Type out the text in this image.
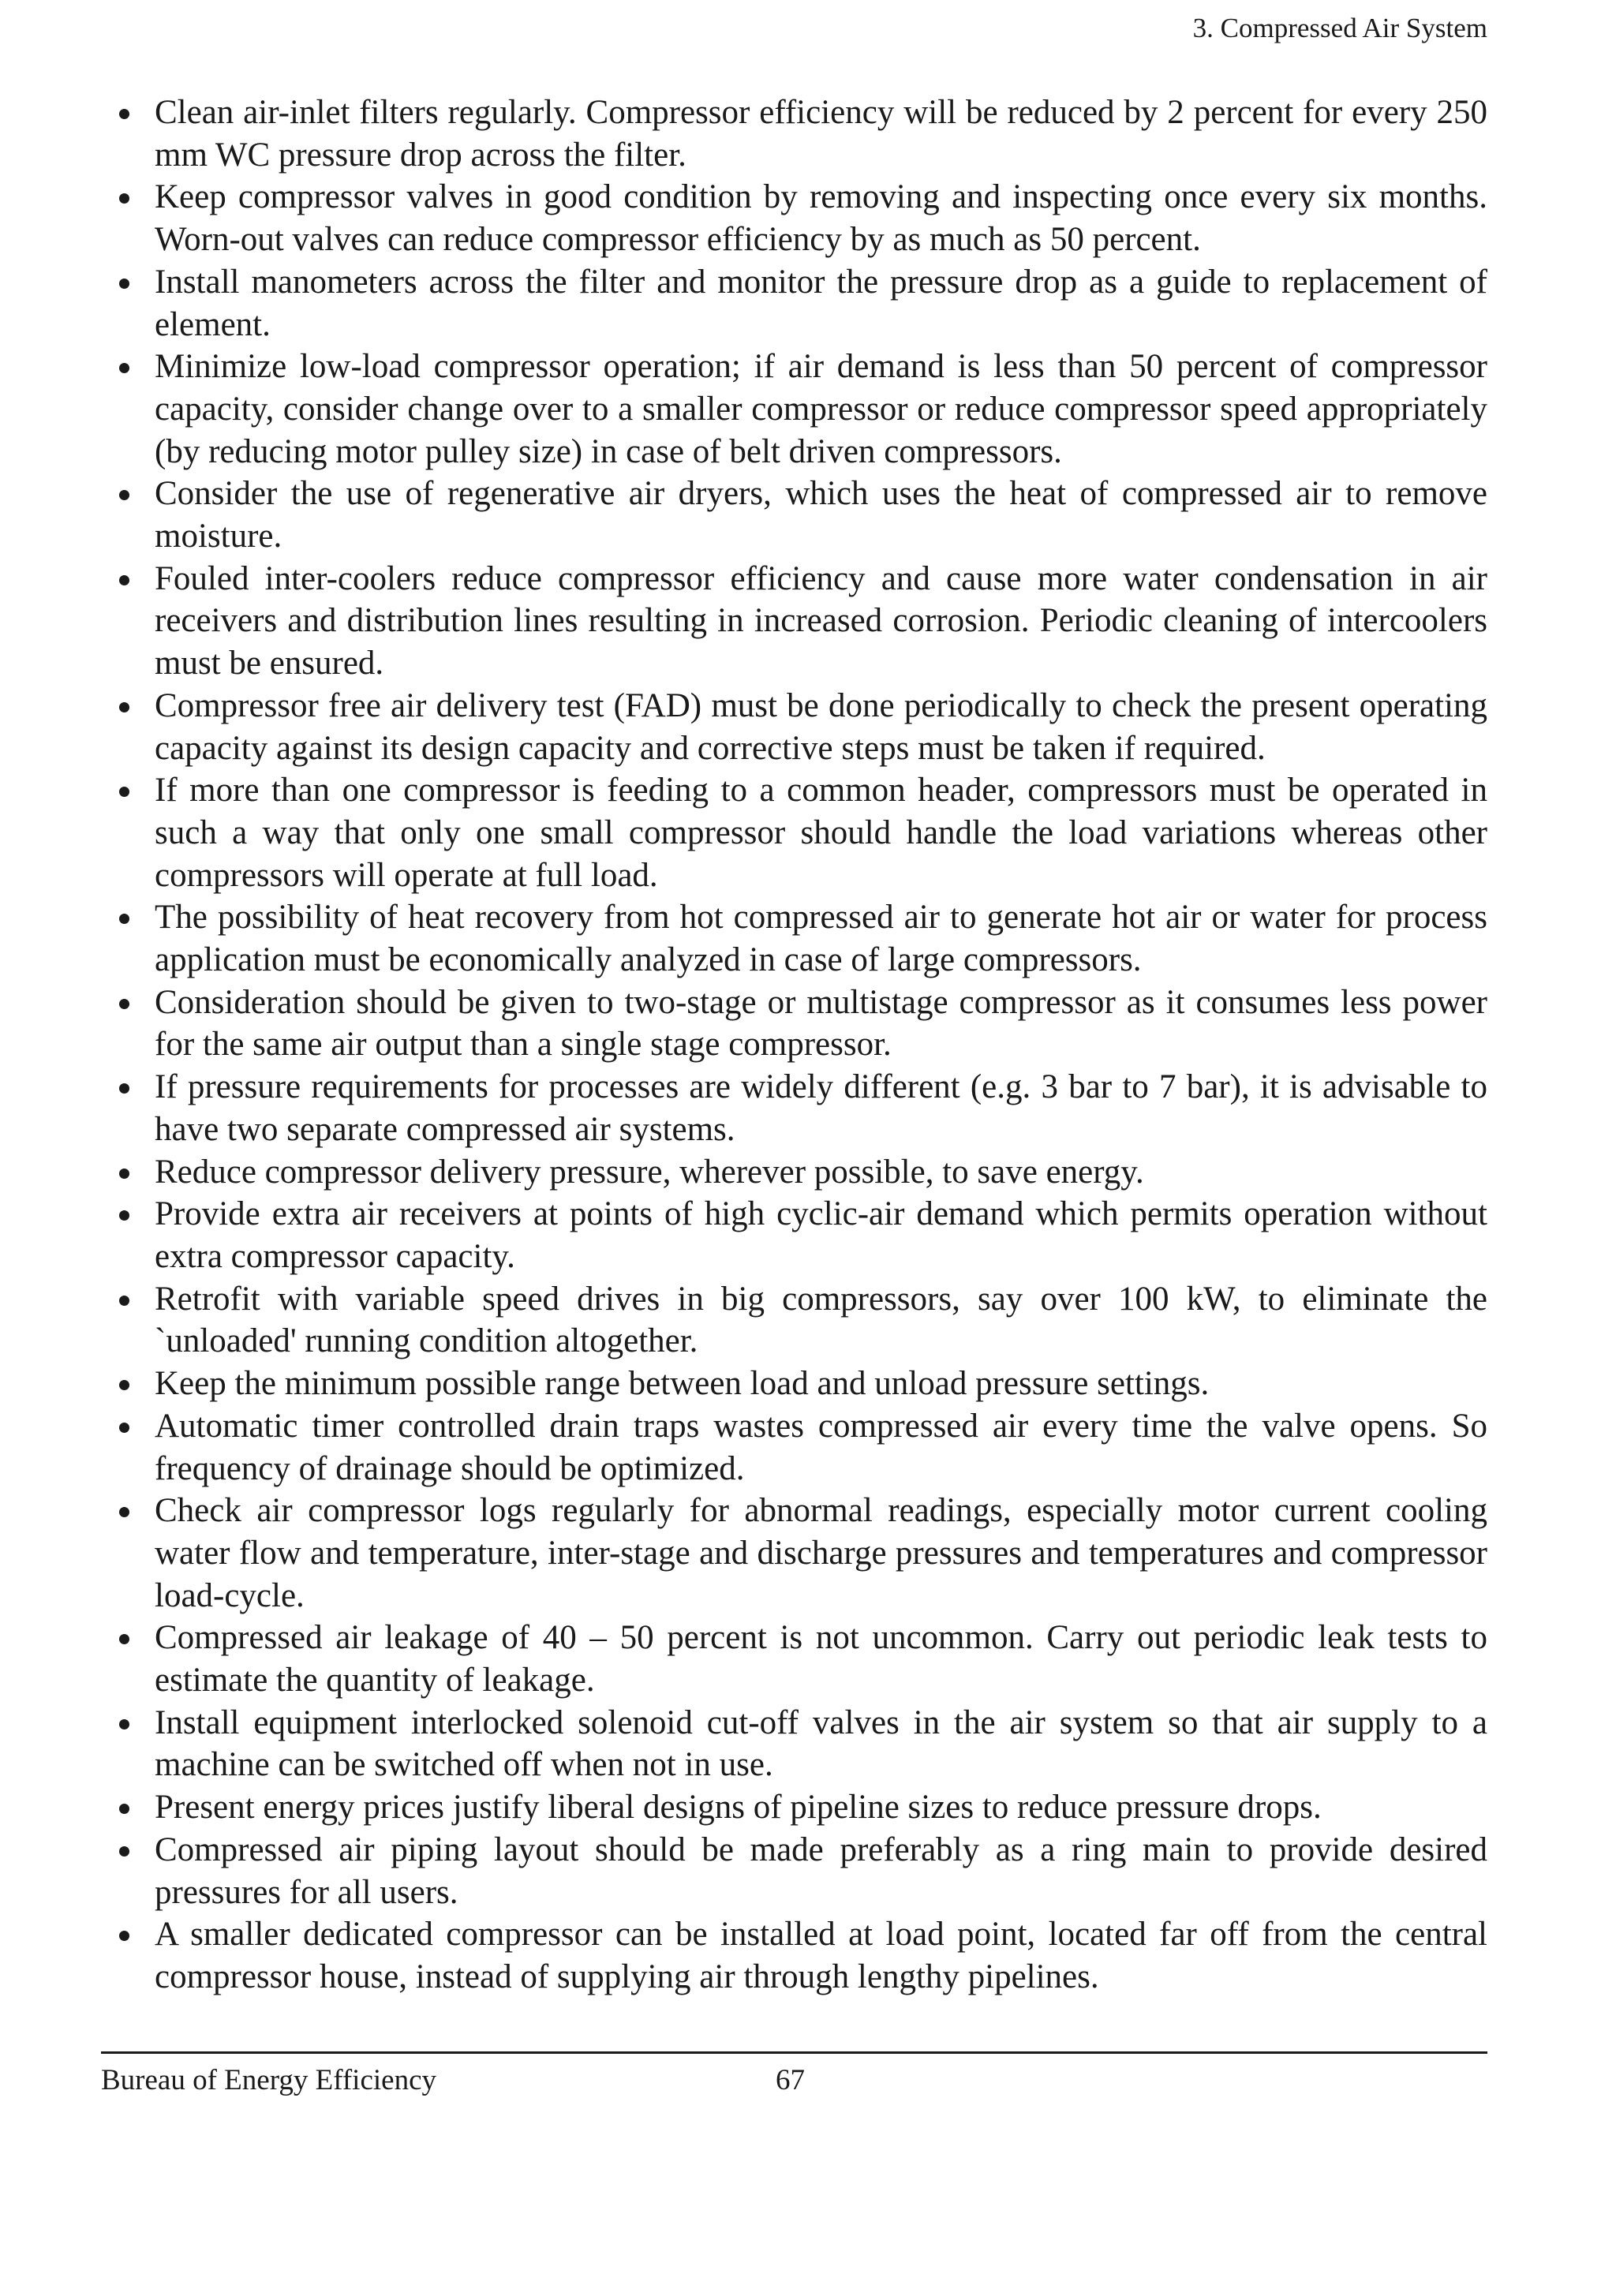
3. Compressed Air System
Clean air-inlet filters regularly. Compressor efficiency will be reduced by 2 percent for every 250 mm WC pressure drop across the filter.
Keep compressor valves in good condition by removing and inspecting once every six months. Worn-out valves can reduce compressor efficiency by as much as 50 percent.
Install manometers across the filter and monitor the pressure drop as a guide to replacement of element.
Minimize low-load compressor operation; if air demand is less than 50 percent of compressor capacity, consider change over to a smaller compressor or reduce compressor speed appropriately (by reducing motor pulley size) in case of belt driven compressors.
Consider the use of regenerative air dryers, which uses the heat of compressed air to remove moisture.
Fouled inter-coolers reduce compressor efficiency and cause more water condensation in air receivers and distribution lines resulting in increased corrosion. Periodic cleaning of intercoolers must be ensured.
Compressor free air delivery test (FAD) must be done periodically to check the present operating capacity against its design capacity and corrective steps must be taken if required.
If more than one compressor is feeding to a common header, compressors must be operated in such a way that only one small compressor should handle the load variations whereas other compressors will operate at full load.
The possibility of heat recovery from hot compressed air to generate hot air or water for process application must be economically analyzed in case of large compressors.
Consideration should be given to two-stage or multistage compressor as it consumes less power for the same air output than a single stage compressor.
If pressure requirements for processes are widely different (e.g. 3 bar to 7 bar), it is advisable to have two separate compressed air systems.
Reduce compressor delivery pressure, wherever possible, to save energy.
Provide extra air receivers at points of high cyclic-air demand which permits operation without extra compressor capacity.
Retrofit with variable speed drives in big compressors, say over 100 kW, to eliminate the `unloaded' running condition altogether.
Keep the minimum possible range between load and unload pressure settings.
Automatic timer controlled drain traps wastes compressed air every time the valve opens. So frequency of drainage should be optimized.
Check air compressor logs regularly for abnormal readings, especially motor current cooling water flow and temperature, inter-stage and discharge pressures and temperatures and compressor load-cycle.
Compressed air leakage of 40 – 50 percent is not uncommon. Carry out periodic leak tests to estimate the quantity of leakage.
Install equipment interlocked solenoid cut-off valves in the air system so that air supply to a machine can be switched off when not in use.
Present energy prices justify liberal designs of pipeline sizes to reduce pressure drops.
Compressed air piping layout should be made preferably as a ring main to provide desired pressures for all users.
A smaller dedicated compressor can be installed at load point, located far off from the central compressor house, instead of supplying air through lengthy pipelines.
Bureau of Energy Efficiency	67
